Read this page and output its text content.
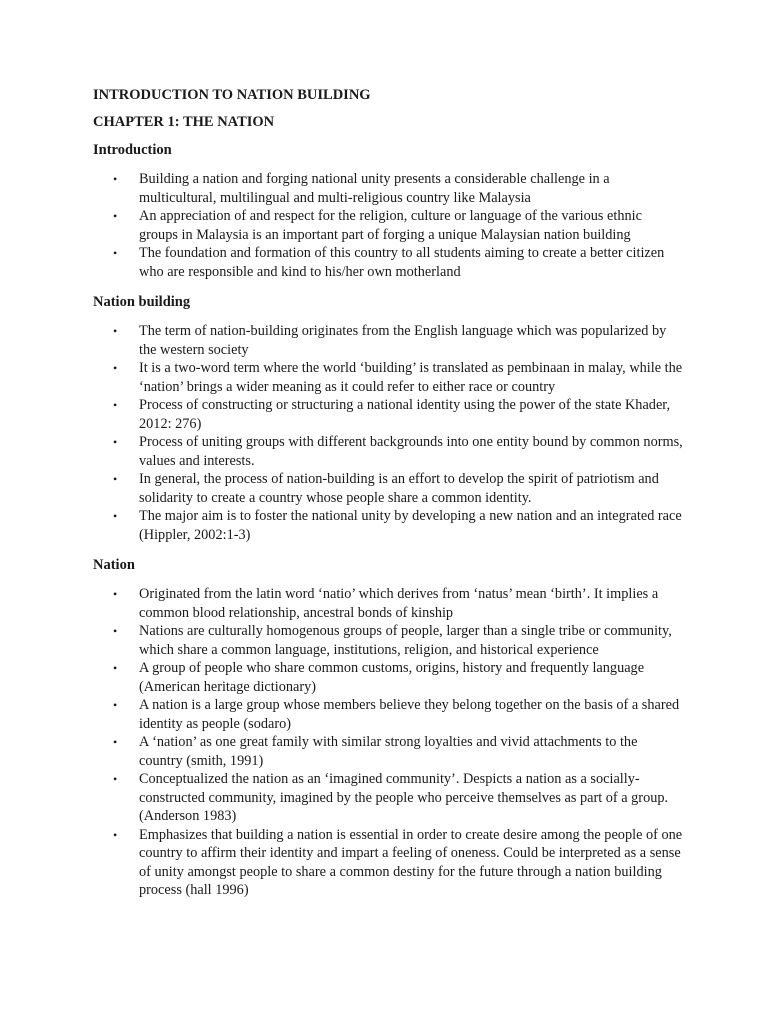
INTRODUCTION TO NATION BUILDING
CHAPTER 1: THE NATION
Introduction
• Building a nation and forging national unity presents a considerable challenge in a multicultural, multilingual and multi-religious country like Malaysia
• An appreciation of and respect for the religion, culture or language of the various ethnic groups in Malaysia is an important part of forging a unique Malaysian nation building
• The foundation and formation of this country to all students aiming to create a better citizen who are responsible and kind to his/her own motherland
Nation building
• The term of nation-building originates from the English language which was popularized by the western society
• It is a two-word term where the world ‘building’ is translated as pembinaan in malay, while the ‘nation’ brings a wider meaning as it could refer to either race or country
• Process of constructing or structuring a national identity using the power of the state Khader, 2012: 276)
• Process of uniting groups with different backgrounds into one entity bound by common norms, values and interests.
• In general, the process of nation-building is an effort to develop the spirit of patriotism and solidarity to create a country whose people share a common identity.
• The major aim is to foster the national unity by developing a new nation and an integrated race (Hippler, 2002:1-3)
Nation
• Originated from the latin word ‘natio’ which derives from ‘natus’ mean ‘birth’. It implies a common blood relationship, ancestral bonds of kinship
• Nations are culturally homogenous groups of people, larger than a single tribe or community, which share a common language, institutions, religion, and historical experience
• A group of people who share common customs, origins, history and frequently language (American heritage dictionary)
• A nation is a large group whose members believe they belong together on the basis of a shared identity as people (sodaro)
• A ‘nation’ as one great family with similar strong loyalties and vivid attachments to the country (smith, 1991)
• Conceptualized the nation as an ‘imagined community’. Despicts a nation as a socially-constructed community, imagined by the people who perceive themselves as part of a group. (Anderson 1983)
• Emphasizes that building a nation is essential in order to create desire among the people of one country to affirm their identity and impart a feeling of oneness. Could be interpreted as a sense of unity amongst people to share a common destiny for the future through a nation building process (hall 1996)
